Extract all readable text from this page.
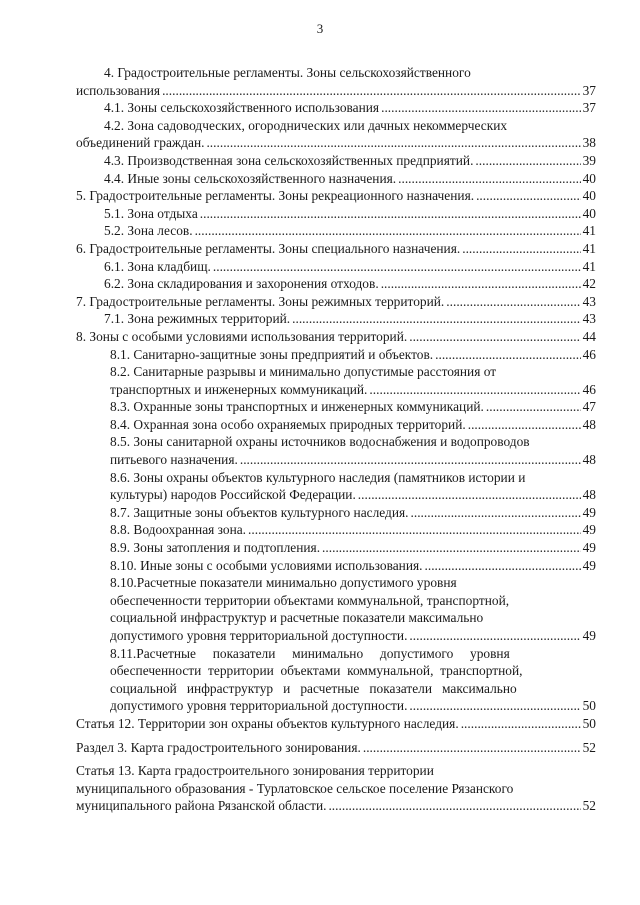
3
4. Градостроительные регламенты. Зоны сельскохозяйственного
использования .....	37
4.1. Зоны сельскохозяйственного использования .....	37
4.2. Зона садоводческих, огороднических или дачных некоммерческих
объединений граждан. .....	38
4.3. Производственная зона сельскохозяйственных предприятий. .....	39
4.4. Иные зоны сельскохозяйственного назначения. .....	40
5. Градостроительные регламенты. Зоны рекреационного назначения. .....	40
5.1. Зона отдыха .....	40
5.2. Зона лесов. .....	41
6. Градостроительные регламенты. Зоны специального назначения. .....	41
6.1. Зона кладбищ. .....	41
6.2. Зона складирования и захоронения отходов. .....	42
7. Градостроительные регламенты. Зоны режимных территорий. .....	43
7.1. Зона режимных территорий. .....	43
8. Зоны с особыми условиями использования территорий. .....	44
8.1. Санитарно-защитные зоны предприятий и объектов. .....	46
8.2. Санитарные разрывы и минимально допустимые расстояния от
транспортных и инженерных коммуникаций. .....	46
8.3. Охранные зоны транспортных и инженерных коммуникаций. .....	47
8.4. Охранная зона особо охраняемых природных территорий. .....	48
8.5. Зоны санитарной охраны источников водоснабжения и водопроводов
питьевого назначения. .....	48
8.6. Зоны охраны объектов культурного наследия (памятников истории и
культуры) народов Российской Федерации. .....	48
8.7. Защитные зоны объектов культурного наследия. .....	49
8.8. Водоохранная зона. .....	49
8.9. Зоны затопления и подтопления. .....	49
8.10. Иные зоны с особыми условиями использования. .....	49
8.10.Расчетные показатели минимально допустимого уровня
обеспеченности территории объектами коммунальной, транспортной,
социальной инфраструктур и расчетные показатели максимально
допустимого уровня территориальной доступности. .....	49
8.11.Расчетные     показатели     минимально     допустимого     уровня
обеспеченности  территории  объектами  коммунальной,  транспортной,
социальной   инфраструктур   и   расчетные   показатели   максимально
допустимого уровня территориальной доступности. .....	50
Статья 12. Территории зон охраны объектов культурного наследия. .....	50
Раздел 3. Карта градостроительного зонирования. .....	52
Статья 13. Карта градостроительного зонирования территории
муниципального образования - Турлатовское сельское поселение Рязанского
муниципального района Рязанской области. .....	52
